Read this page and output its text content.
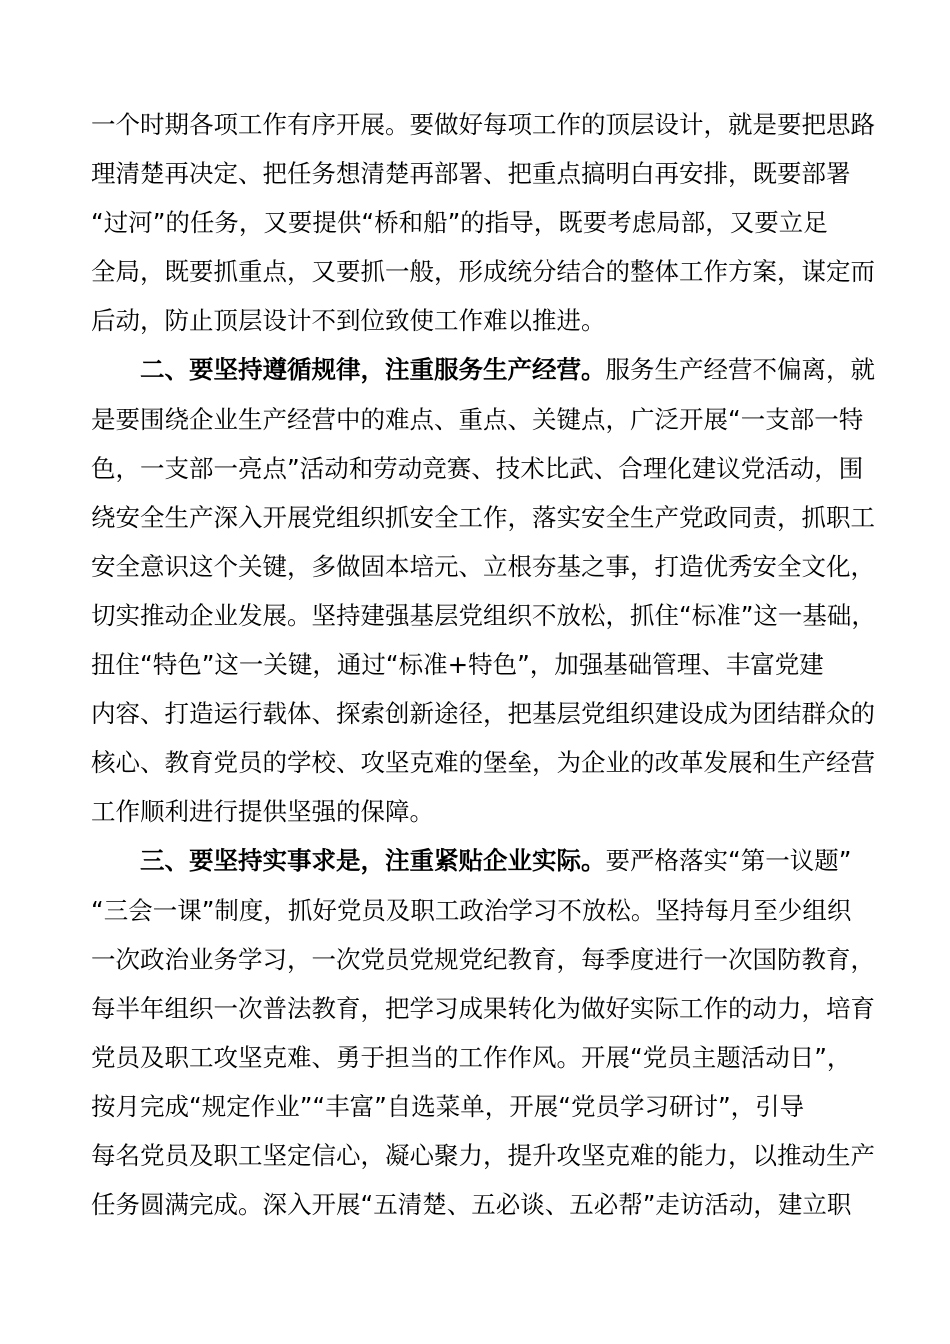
一个时期各项工作有序开展。要做好每项工作的顶层设计，就是要把思路
理清楚再决定、把任务想清楚再部署、把重点搞明白再安排，既要部署
“过河”的任务，又要提供“桥和船”的指导，既要考虑局部，又要立足
全局，既要抓重点，又要抓一般，形成统分结合的整体工作方案，谋定而
后动，防止顶层设计不到位致使工作难以推进。
二、要坚持遵循规律，注重服务生产经营。服务生产经营不偏离，就
是要围绕企业生产经营中的难点、重点、关键点，广泛开展“一支部一特
色，一支部一亮点”活动和劳动竞赛、技术比武、合理化建议党活动，围
绕安全生产深入开展党组织抓安全工作，落实安全生产党政同责，抓职工
安全意识这个关键，多做固本培元、立根夯基之事，打造优秀安全文化，
切实推动企业发展。坚持建强基层党组织不放松，抓住“标准”这一基础，
扭住“特色”这一关键，通过“标准+特色”，加强基础管理、丰富党建
内容、打造运行载体、探索创新途径，把基层党组织建设成为团结群众的
核心、教育党员的学校、攻坚克难的堡垒，为企业的改革发展和生产经营
工作顺利进行提供坚强的保障。
三、要坚持实事求是，注重紧贴企业实际。要严格落实“第一议题”
“三会一课”制度，抓好党员及职工政治学习不放松。坚持每月至少组织
一次政治业务学习，一次党员党规党纪教育，每季度进行一次国防教育，
每半年组织一次普法教育，把学习成果转化为做好实际工作的动力，培育
党员及职工攻坚克难、勇于担当的工作作风。开展“党员主题活动日”，
按月完成“规定作业”“丰富”自选菜单，开展“党员学习研讨”，引导
每名党员及职工坚定信心，凝心聚力，提升攻坚克难的能力，以推动生产
任务圆满完成。深入开展“五清楚、五必谈、五必帮”走访活动，建立职
